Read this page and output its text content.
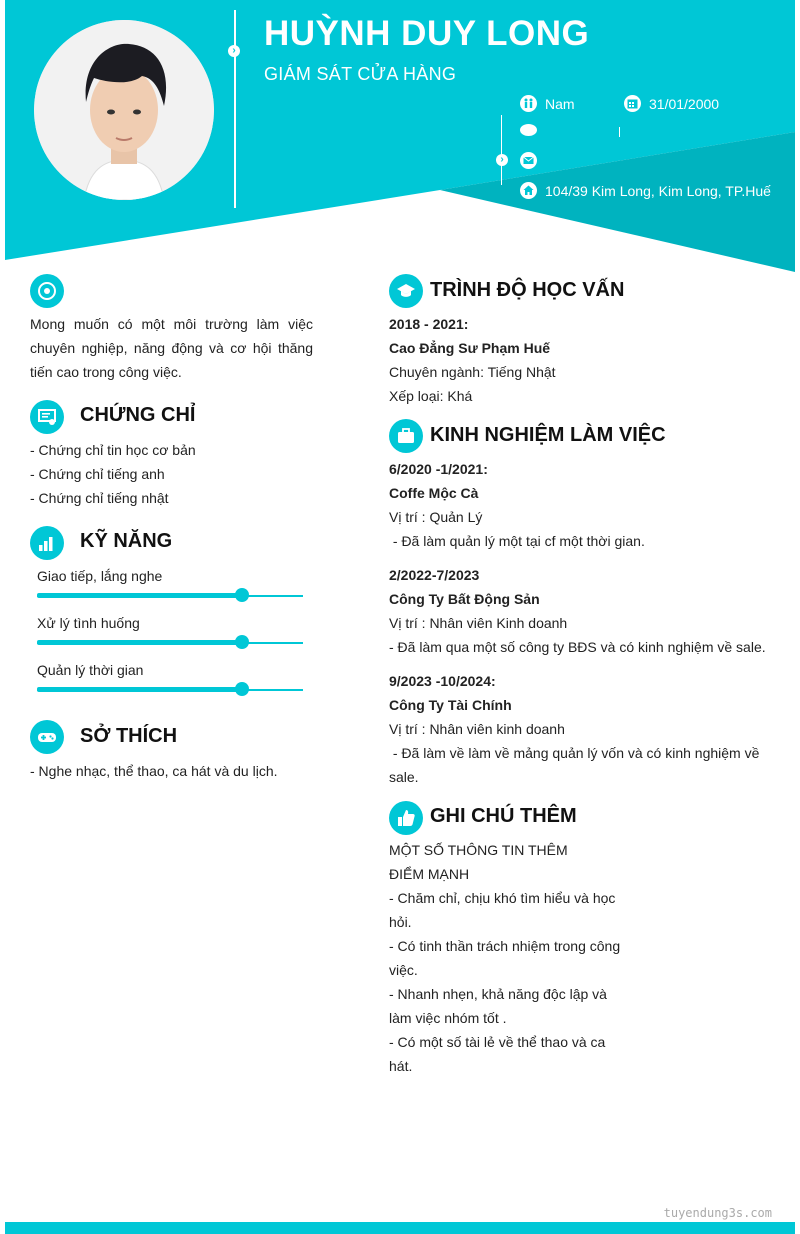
›
›
HUỲNH DUY LONG
GIÁM SÁT CỬA HÀNG
Nam	31/01/2000
104/39 Kim Long, Kim Long, TP.Huế
Mong muốn có một môi trường làm việc chuyên nghiệp, năng động và cơ hội thăng tiến cao trong công việc.
CHỨNG CHỈ
- Chứng chỉ tin học cơ bản
- Chứng chỉ tiếng anh
- Chứng chỉ tiếng nhật
KỸ NĂNG
Giao tiếp, lắng nghe
Xử lý tình huống
Quản lý thời gian
SỞ THÍCH
- Nghe nhạc, thể thao, ca hát và du lịch.
TRÌNH ĐỘ HỌC VẤN
2018 - 2021:
Cao Đẳng Sư Phạm Huế
Chuyên ngành: Tiếng Nhật
Xếp loại: Khá
KINH NGHIỆM LÀM VIỆC
6/2020 -1/2021:
Coffe Mộc Cà
Vị trí : Quản Lý
- Đã làm quản lý một tại cf một thời gian.
2/2022-7/2023
Công Ty Bất Động Sản
Vị trí : Nhân viên Kinh doanh
- Đã làm qua một số công ty BĐS và có kinh nghiệm về sale.
9/2023 -10/2024:
Công Ty Tài Chính
Vị trí : Nhân viên kinh doanh
- Đã làm về làm về mảng quản lý vốn và có kinh nghiệm về
sale.
GHI CHÚ THÊM
MỘT SỐ THÔNG TIN THÊM
ĐIỂM MẠNH
- Chăm chỉ, chịu khó tìm hiểu và học
hỏi.
- Có tinh thần trách nhiệm trong công
việc.
- Nhanh nhẹn, khả năng độc lập và
làm việc nhóm tốt .
- Có một số tài lẻ về thể thao và ca
hát.
tuyendung3s.com
